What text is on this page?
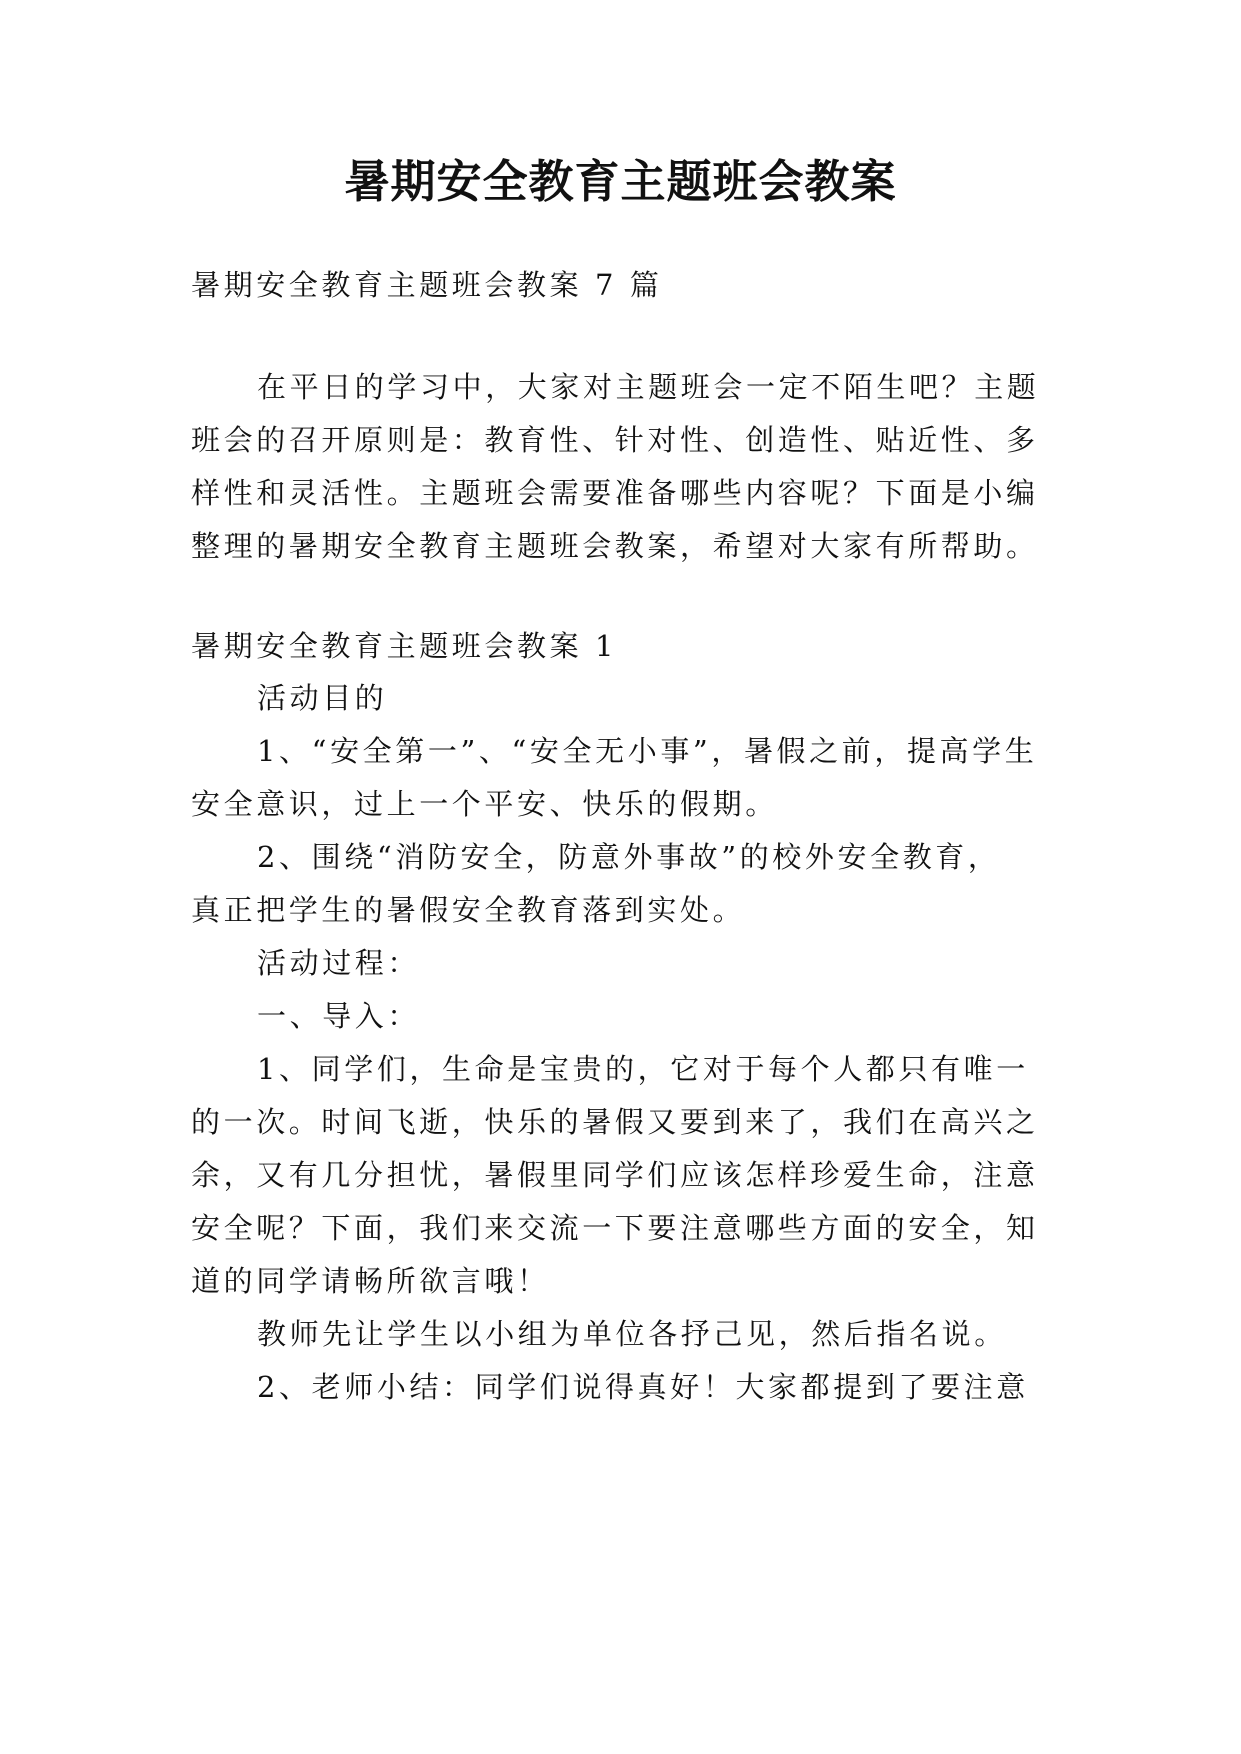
暑期安全教育主题班会教案
暑期安全教育主题班会教案 7 篇
在平日的学习中，大家对主题班会一定不陌生吧？主题
班会的召开原则是：教育性、针对性、创造性、贴近性、多
样性和灵活性。主题班会需要准备哪些内容呢？下面是小编
整理的暑期安全教育主题班会教案，希望对大家有所帮助。
暑期安全教育主题班会教案 1
活动目的
1、“安全第一”、“安全无小事”，暑假之前，提高学生
安全意识，过上一个平安、快乐的假期。
2、围绕“消防安全，防意外事故”的校外安全教育，
真正把学生的暑假安全教育落到实处。
活动过程：
一、导入：
1、同学们，生命是宝贵的，它对于每个人都只有唯一
的一次。时间飞逝，快乐的暑假又要到来了，我们在高兴之
余，又有几分担忧，暑假里同学们应该怎样珍爱生命，注意
安全呢？下面，我们来交流一下要注意哪些方面的安全，知
道的同学请畅所欲言哦！
教师先让学生以小组为单位各抒己见，然后指名说。
2、老师小结：同学们说得真好！大家都提到了要注意
